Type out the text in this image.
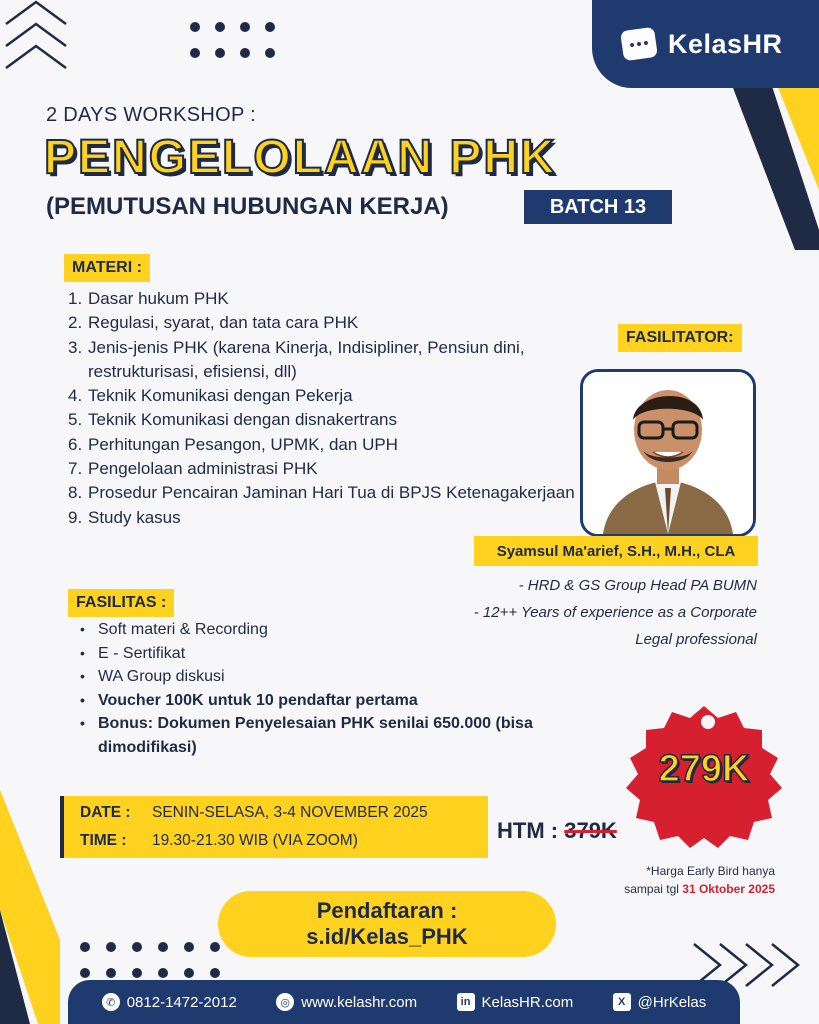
KelasHR
2 DAYS WORKSHOP :
PENGELOLAAN PHK
(PEMUTUSAN HUBUNGAN KERJA)	BATCH 13
MATERI :
1. Dasar hukum PHK
2. Regulasi, syarat, dan tata cara PHK
3. Jenis-jenis PHK (karena Kinerja, Indisipliner, Pensiun dini, restrukturisasi, efisiensi, dll)
4. Teknik Komunikasi dengan Pekerja
5. Teknik Komunikasi dengan disnakertrans
6. Perhitungan Pesangon, UPMK, dan UPH
7. Pengelolaan administrasi PHK
8. Prosedur Pencairan Jaminan Hari Tua di BPJS Ketenagakerjaan
9. Study kasus
FASILITATOR:
Syamsul Ma'arief, S.H., M.H., CLA
- HRD & GS Group Head PA BUMN
- 12++ Years of experience as a Corporate
Legal professional
FASILITAS :
• Soft materi & Recording
• E - Sertifikat
• WA Group diskusi
• Voucher 100K untuk 10 pendaftar pertama
• Bonus: Dokumen Penyelesaian PHK senilai 650.000 (bisa dimodifikasi)
279K
DATE :	SENIN-SELASA, 3-4 NOVEMBER 2025
TIME :	19.30-21.30 WIB (VIA ZOOM)	HTM : 379K
*Harga Early Bird hanya
sampai tgl 31 Oktober 2025
Pendaftaran :
s.id/Kelas_PHK
✆ 0812-1472-2012	◎ www.kelashr.com	in KelasHR.com	X @HrKelas
